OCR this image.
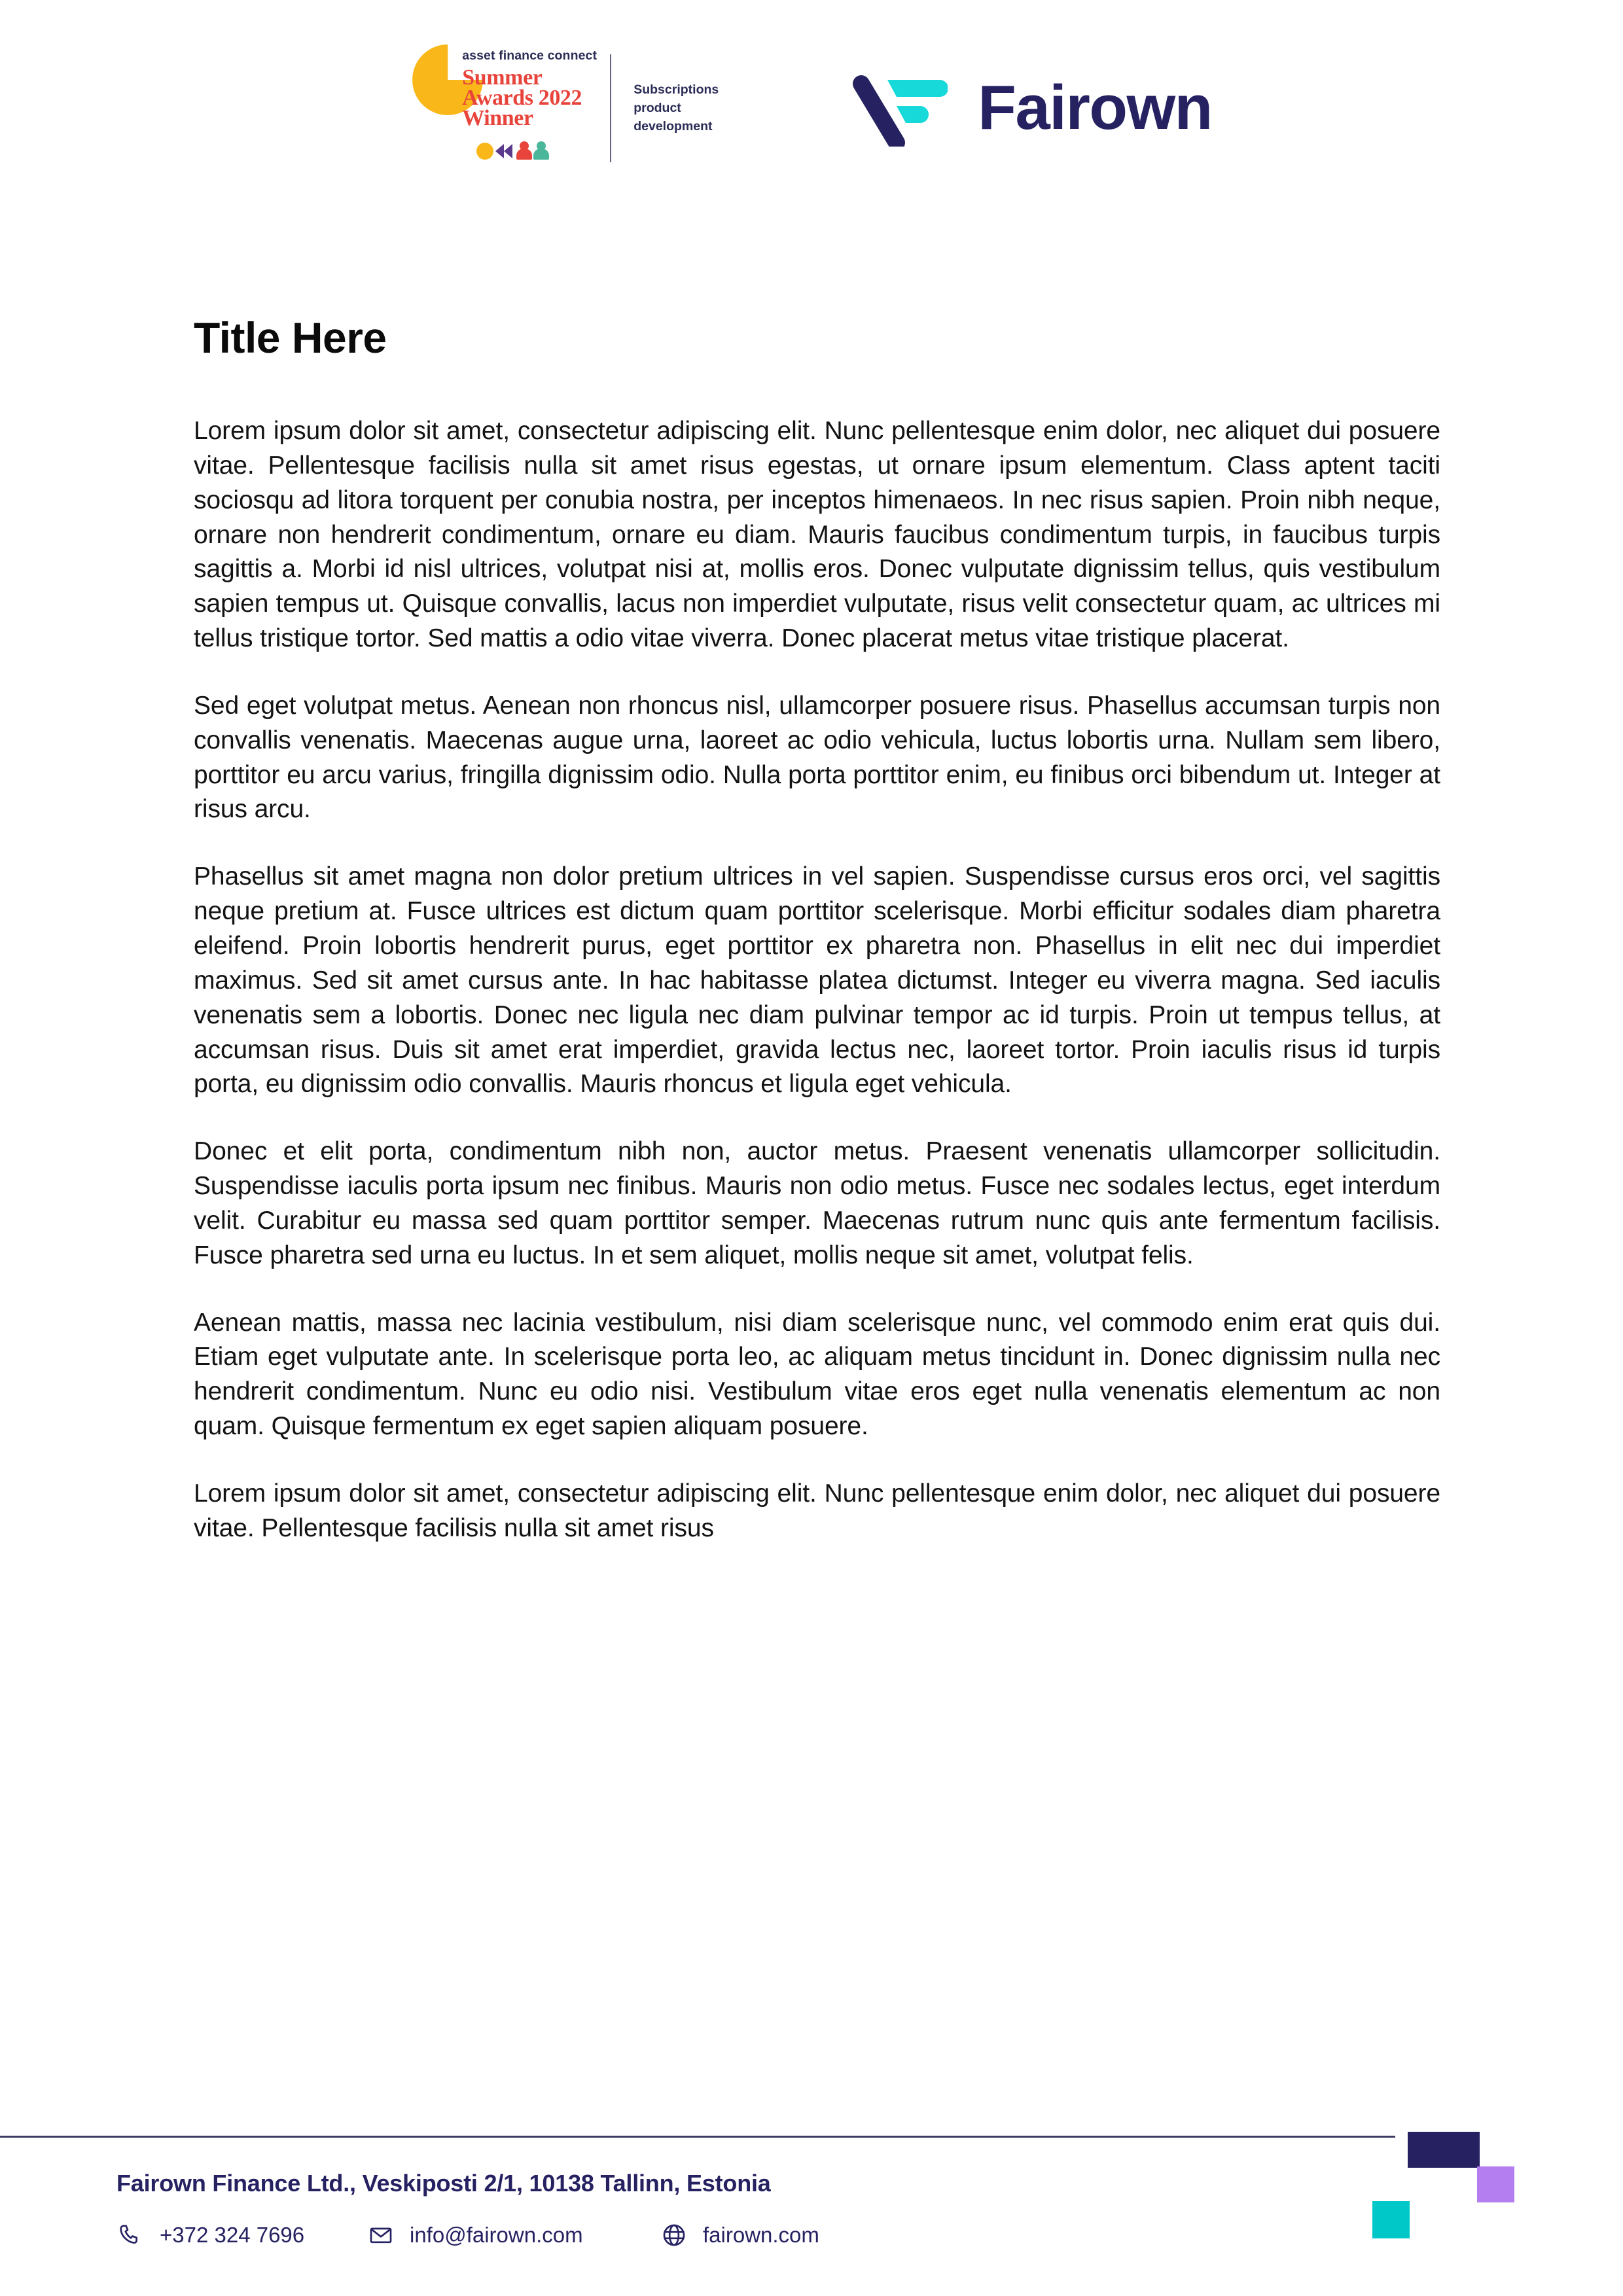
asset finance connect
Summer
Awards 2022
Winner
Subscriptions
product
development	Fairown
Title Here

Lorem ipsum dolor sit amet, consectetur adipiscing elit. Nunc pellentesque enim dolor, nec aliquet dui posuere vitae. Pellentesque facilisis nulla sit amet risus egestas, ut ornare ipsum elementum. Class aptent taciti sociosqu ad litora torquent per conubia nostra, per inceptos himenaeos. In nec risus sapien. Proin nibh neque, ornare non hendrerit condimentum, ornare eu diam. Mauris faucibus condimentum turpis, in faucibus turpis sagittis a. Morbi id nisl ultrices, volutpat nisi at, mollis eros. Donec vulputate dignissim tellus, quis vestibulum sapien tempus ut. Quisque convallis, lacus non imperdiet vulputate, risus velit consectetur quam, ac ultrices mi tellus tristique tortor. Sed mattis a odio vitae viverra. Donec placerat metus vitae tristique placerat.

Sed eget volutpat metus. Aenean non rhoncus nisl, ullamcorper posuere risus. Phasellus accumsan turpis non convallis venenatis. Maecenas augue urna, laoreet ac odio vehicula, luctus lobortis urna. Nullam sem libero, porttitor eu arcu varius, fringilla dignissim odio. Nulla porta porttitor enim, eu finibus orci bibendum ut. Integer at risus arcu.

Phasellus sit amet magna non dolor pretium ultrices in vel sapien. Suspendisse cursus eros orci, vel sagittis neque pretium at. Fusce ultrices est dictum quam porttitor scelerisque. Morbi efficitur sodales diam pharetra eleifend. Proin lobortis hendrerit purus, eget porttitor ex pharetra non. Phasellus in elit nec dui imperdiet maximus. Sed sit amet cursus ante. In hac habitasse platea dictumst. Integer eu viverra magna. Sed iaculis venenatis sem a lobortis. Donec nec ligula nec diam pulvinar tempor ac id turpis. Proin ut tempus tellus, at accumsan risus. Duis sit amet erat imperdiet, gravida lectus nec, laoreet tortor. Proin iaculis risus id turpis porta, eu dignissim odio convallis. Mauris rhoncus et ligula eget vehicula.

Donec et elit porta, condimentum nibh non, auctor metus. Praesent venenatis ullamcorper sollicitudin. Suspendisse iaculis porta ipsum nec finibus. Mauris non odio metus. Fusce nec sodales lectus, eget interdum velit. Curabitur eu massa sed quam porttitor semper. Maecenas rutrum nunc quis ante fermentum facilisis. Fusce pharetra sed urna eu luctus. In et sem aliquet, mollis neque sit amet, volutpat felis.

Aenean mattis, massa nec lacinia vestibulum, nisi diam scelerisque nunc, vel commodo enim erat quis dui. Etiam eget vulputate ante. In scelerisque porta leo, ac aliquam metus tincidunt in. Donec dignissim nulla nec hendrerit condimentum. Nunc eu odio nisi. Vestibulum vitae eros eget nulla venenatis elementum ac non quam. Quisque fermentum ex eget sapien aliquam posuere.

Lorem ipsum dolor sit amet, consectetur adipiscing elit. Nunc pellentesque enim dolor, nec aliquet dui posuere vitae. Pellentesque facilisis nulla sit amet risus

Fairown Finance Ltd., Veskiposti 2/1, 10138 Tallinn, Estonia
+372 324 7696	info@fairown.com	fairown.com
